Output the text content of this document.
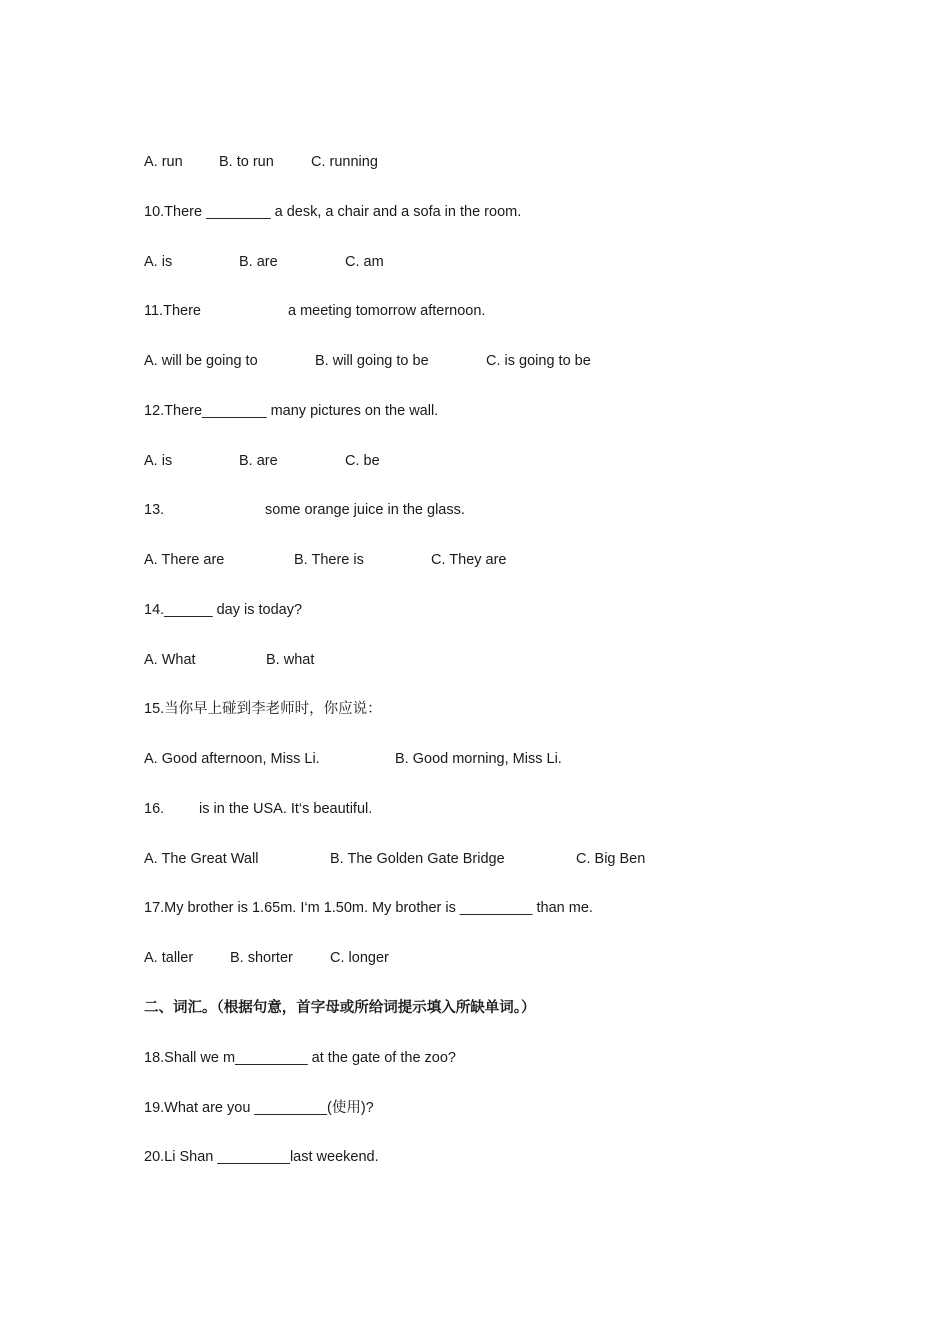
A. run	B. to run	C. running
10.There ________ a desk, a chair and a sofa in the room.
A. is	B. are	C. am
11.There	a meeting tomorrow afternoon.
A. will be going to	B. will going to be	C. is going to be
12.There________ many pictures on the wall.
A. is	B. are	C. be
13.	some orange juice in the glass.
A. There are	B. There is	C. They are
14.______ day is today?
A. What	B. what
15.当你早上碰到李老师时，你应说：
A. Good afternoon, Miss Li.	B. Good morning, Miss Li.
16. is in the USA. It‘s beautiful.
A. The Great Wall	B. The Golden Gate Bridge	C. Big Ben
17.My brother is 1.65m. I‘m 1.50m. My brother is _________ than me.
A. taller	B. shorter	C. longer
二、词汇。（根据句意，首字母或所给词提示填入所缺单词。）
18.Shall we m_________ at the gate of the zoo?
19.What are you _________(使用)?
20.Li Shan _________last weekend.
